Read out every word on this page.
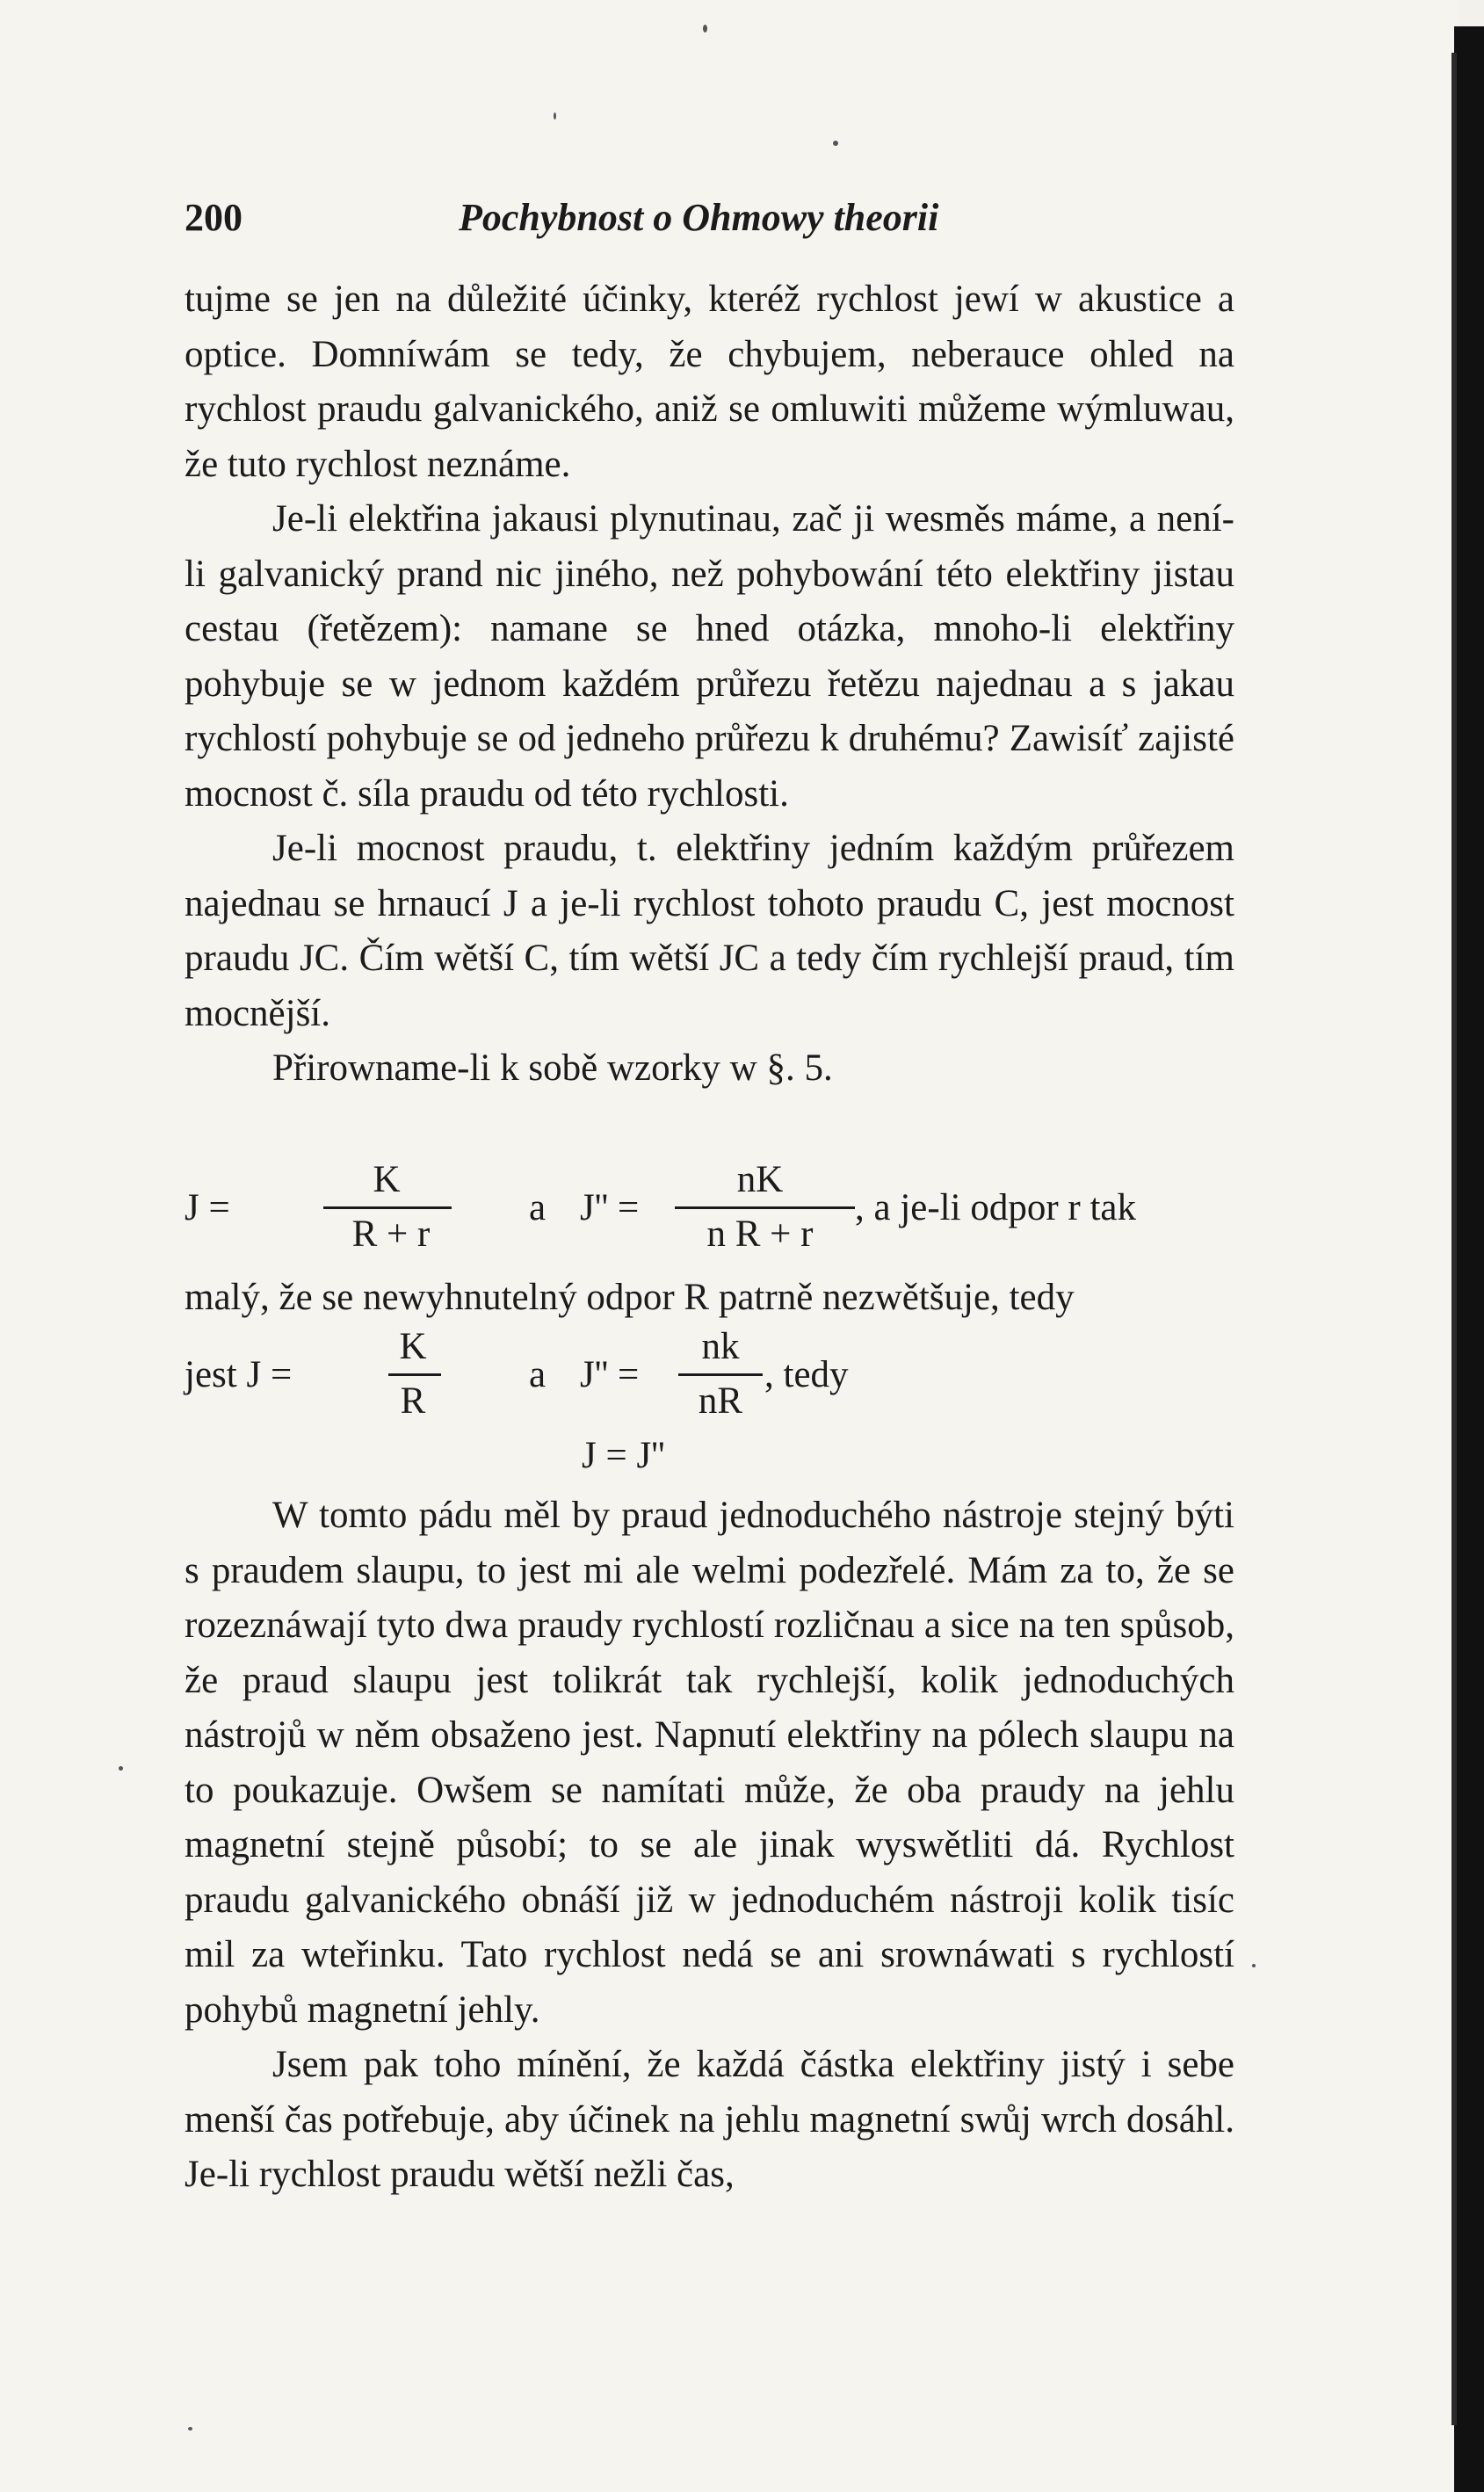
200	Pochybnost o Ohmowy theorii

tujme se jen na důležité účinky, kteréž rychlost jewí w akustice a optice. Domníwám se tedy, že chybujem, neberauce ohled na rychlost praudu galvanického, aniž se omluwiti můžeme wýmluwau, že tuto rychlost neznáme.

Je-li elektřina jakausi plynutinau, zač ji wesměs máme, a není-li galvanický prand nic jiného, než pohybowání této elektřiny jistau cestau (řetězem): namane se hned otázka, mnoho-li elektřiny pohybuje se w jednom každém průřezu řetězu najednau a s jakau rychlostí pohybuje se od jedneho průřezu k druhému? Zawisíť zajisté mocnost č. síla praudu od této rychlosti.

Je-li mocnost praudu, t. elektřiny jedním každým průřezem najednau se hrnaucí J a je-li rychlost tohoto praudu C, jest mocnost praudu JC. Čím wětší C, tím wětší JC a tedy čím rychlejší praud, tím mocnější.

Přirowname-li k sobě wzorky w §. 5.

J =
K
R + r
a J'' =
nK
n R + r
, a je-li odpor r tak

malý, že se newyhnutelný odpor R patrně nezwětšuje, tedy

jest J =
K
R
a J'' =
nk
nR
, tedy
J = J''

W tomto pádu měl by praud jednoduchého nástroje stejný býti s praudem slaupu, to jest mi ale welmi podezřelé. Mám za to, že se rozeznáwají tyto dwa praudy rychlostí rozličnau a sice na ten spůsob, že praud slaupu jest tolikrát tak rychlejší, kolik jednoduchých nástrojů w něm obsaženo jest. Napnutí elektřiny na pólech slaupu na to poukazuje. Owšem se namítati může, že oba praudy na jehlu magnetní stejně působí; to se ale jinak wyswětliti dá. Rychlost praudu galvanického obnáší již w jednoduchém nástroji kolik tisíc mil za wteřinku. Tato rychlost nedá se ani srownáwati s rychlostí pohybů magnetní jehly.

Jsem pak toho mínění, že každá částka elektřiny jistý i sebe menší čas potřebuje, aby účinek na jehlu magnetní swůj wrch dosáhl. Je-li rychlost praudu wětší nežli čas,
